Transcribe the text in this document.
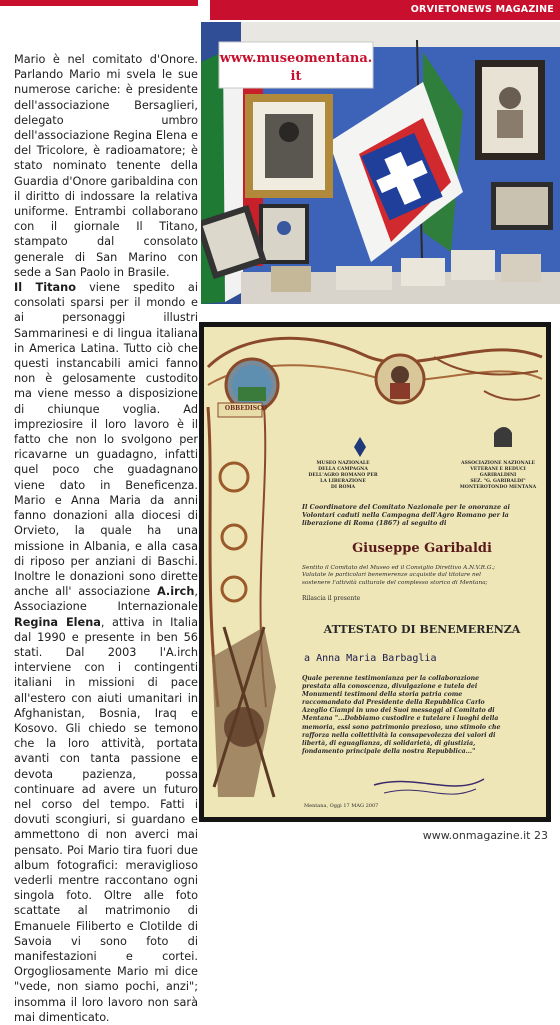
ORVIETONEWS MAGAZINE

Mario è nel comitato d'Onore. Parlando Mario mi svela le sue numerose cariche: è presidente dell'associazione Bersaglieri, delegato umbro dell'associazione Regina Elena e del Tricolore, è radioamatore; è stato nominato tenente della Guardia d'Onore garibaldina con il diritto di indossare la relativa uniforme. Entrambi collaborano con il giornale Il Titano, stampato dal consolato generale di San Marino con sede a San Paolo in Brasile.
Il Titano viene spedito ai consolati sparsi per il mondo e ai personaggi illustri Sammarinesi e di lingua italiana in America Latina. Tutto ciò che questi instancabili amici fanno non è gelosamente custodito ma viene messo a disposizione di chiunque voglia. Ad impreziosire il loro lavoro è il fatto che non lo svolgono per ricavarne un guadagno, infatti quel poco che guadagnano viene dato in Beneficenza. Mario e Anna Maria da anni fanno donazioni alla diocesi di Orvieto, la quale ha una missione in Albania, e alla casa di riposo per anziani di Baschi. Inoltre le donazioni sono dirette anche all' associazione A.irch, Associazione Internazionale Regina Elena, attiva in Italia dal 1990 e presente in ben 56 stati. Dal 2003 l'A.irch interviene con i contingenti italiani in missioni di pace all'estero con aiuti umanitari in Afghanistan, Bosnia, Iraq e Kosovo. Gli chiedo se temono che la loro attività, portata avanti con tanta passione e devota pazienza, possa continuare ad avere un futuro nel corso del tempo. Fatti i dovuti scongiuri, si guardano e ammettono di non averci mai pensato. Poi Mario tira fuori due album fotografici: meraviglioso vederli mentre raccontano ogni singola foto. Oltre alle foto scattate al matrimonio di Emanuele Filiberto e Clotilde di Savoia vi sono foto di manifestazioni e cortei. Orgogliosamente Mario mi dice "vede, non siamo pochi, anzi"; insomma il loro lavoro non sarà mai dimenticato.

www.museomentana.
it
MUSEO NAZIONALE
DELLA CAMPAGNA
DELL'AGRO ROMANO PER
LA LIBERAZIONE
DI ROMA
ASSOCIAZIONE NAZIONALE
VETERANI E REDUCI
GARIBALDINI
SEZ. "G. GARIBALDI"
MONTEROTONDO MENTANA
OBBEDISCO
Il Coordinatore del Comitato Nazionale per le onoranze ai
Volontari caduti nella Campagna dell'Agro Romano per la
liberazione di Roma (1867) al seguito di
Giuseppe Garibaldi
Sentito il Comitato del Museo ed il Consiglio Direttivo A.N.V.R.G.;
Valutate le particolari benemerenze acquisite dal titolare nel
sostenere l'attività culturale del complesso storico di Mentana;
Rilascia il presente
ATTESTATO DI BENEMERENZA
a Anna Maria Barbaglia
Quale perenne testimonianza per la collaborazione
prestata alla conoscenza, divulgazione e tutela dei
Monumenti testimoni della storia patria come
raccomandato dal Presidente della Repubblica Carlo
Azeglio Ciampi in uno dei Suoi messaggi al Comitato di
Mentana "...Dobbiamo custodire e tutelare i luoghi della
memoria, essi sono patrimonio prezioso, uno stimolo che
rafforza nella collettività la consapevolezza dei valori di
libertà, di eguaglianza, di solidarietà, di giustizia,
fondamento principale della nostra Repubblica..."
Mentana, Oggi 17 MAG 2007
www.onmagazine.it 23
